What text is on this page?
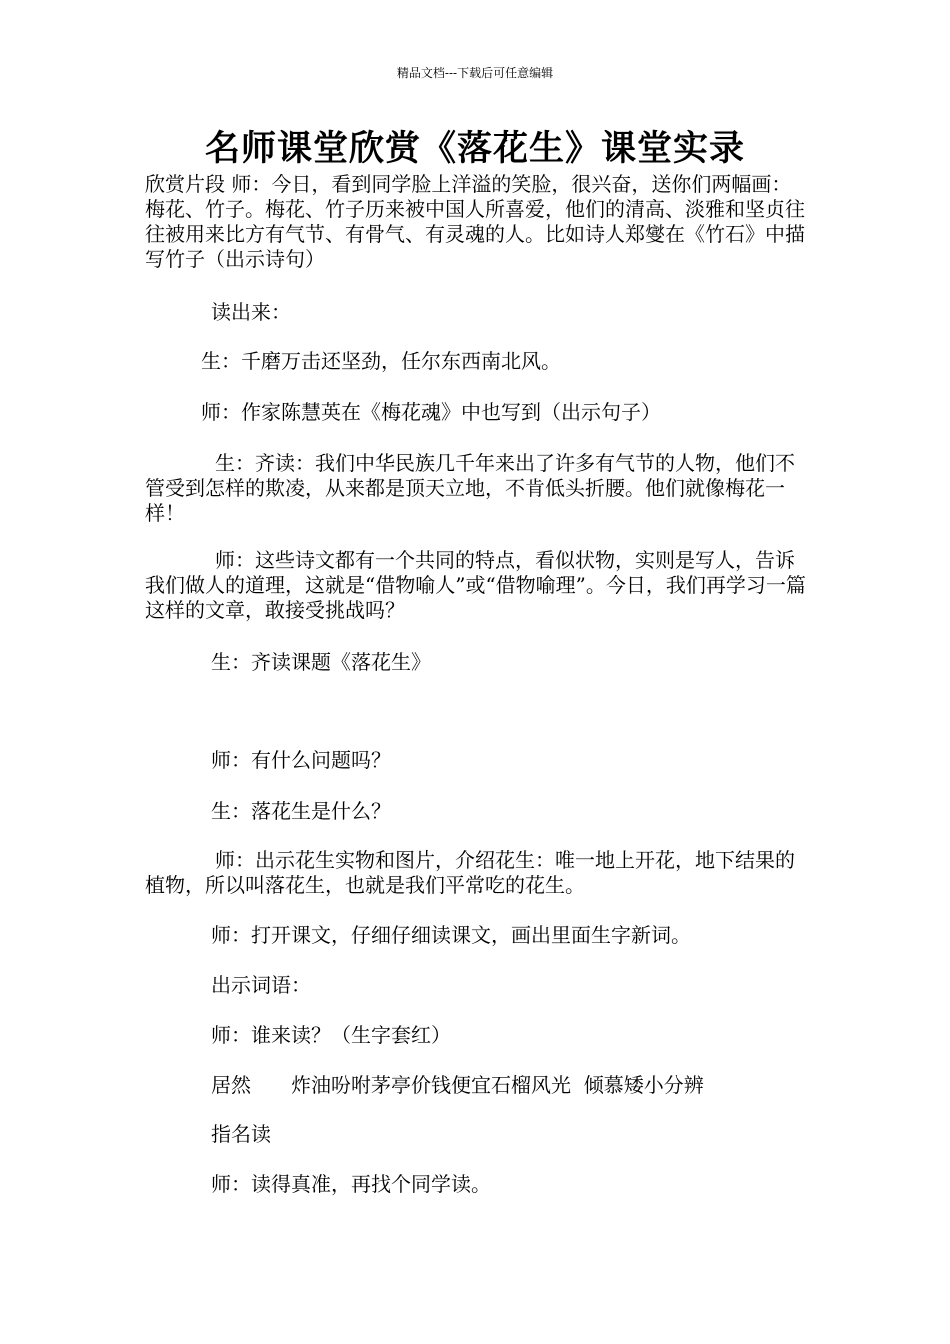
精品文档---下载后可任意编辑
名师课堂欣赏《落花生》课堂实录

欣赏片段 师：今日，看到同学脸上洋溢的笑脸，很兴奋，送你们两幅画：梅花、竹子。梅花、竹子历来被中国人所喜爱，他们的清高、淡雅和坚贞往往被用来比方有气节、有骨气、有灵魂的人。比如诗人郑燮在《竹石》中描写竹子（出示诗句）

读出来：

生：千磨万击还坚劲，任尔东西南北风。

师：作家陈慧英在《梅花魂》中也写到（出示句子）

生：齐读：我们中华民族几千年来出了许多有气节的人物，他们不管受到怎样的欺凌，从来都是顶天立地，不肯低头折腰。他们就像梅花一样！

师：这些诗文都有一个共同的特点，看似状物，实则是写人，告诉我们做人的道理，这就是“借物喻人”或“借物喻理”。今日，我们再学习一篇这样的文章，敢接受挑战吗？

生：齐读课题《落花生》

师：有什么问题吗？

生：落花生是什么？

师：出示花生实物和图片，介绍花生：唯一地上开花，地下结果的植物，所以叫落花生，也就是我们平常吃的花生。

师：打开课文，仔细仔细读课文，画出里面生字新词。

出示词语：

师：谁来读？（生字套红）

居然　　炸油吩咐茅亭价钱便宜石榴风光  倾慕矮小分辨

指名读

师：读得真准，再找个同学读。
